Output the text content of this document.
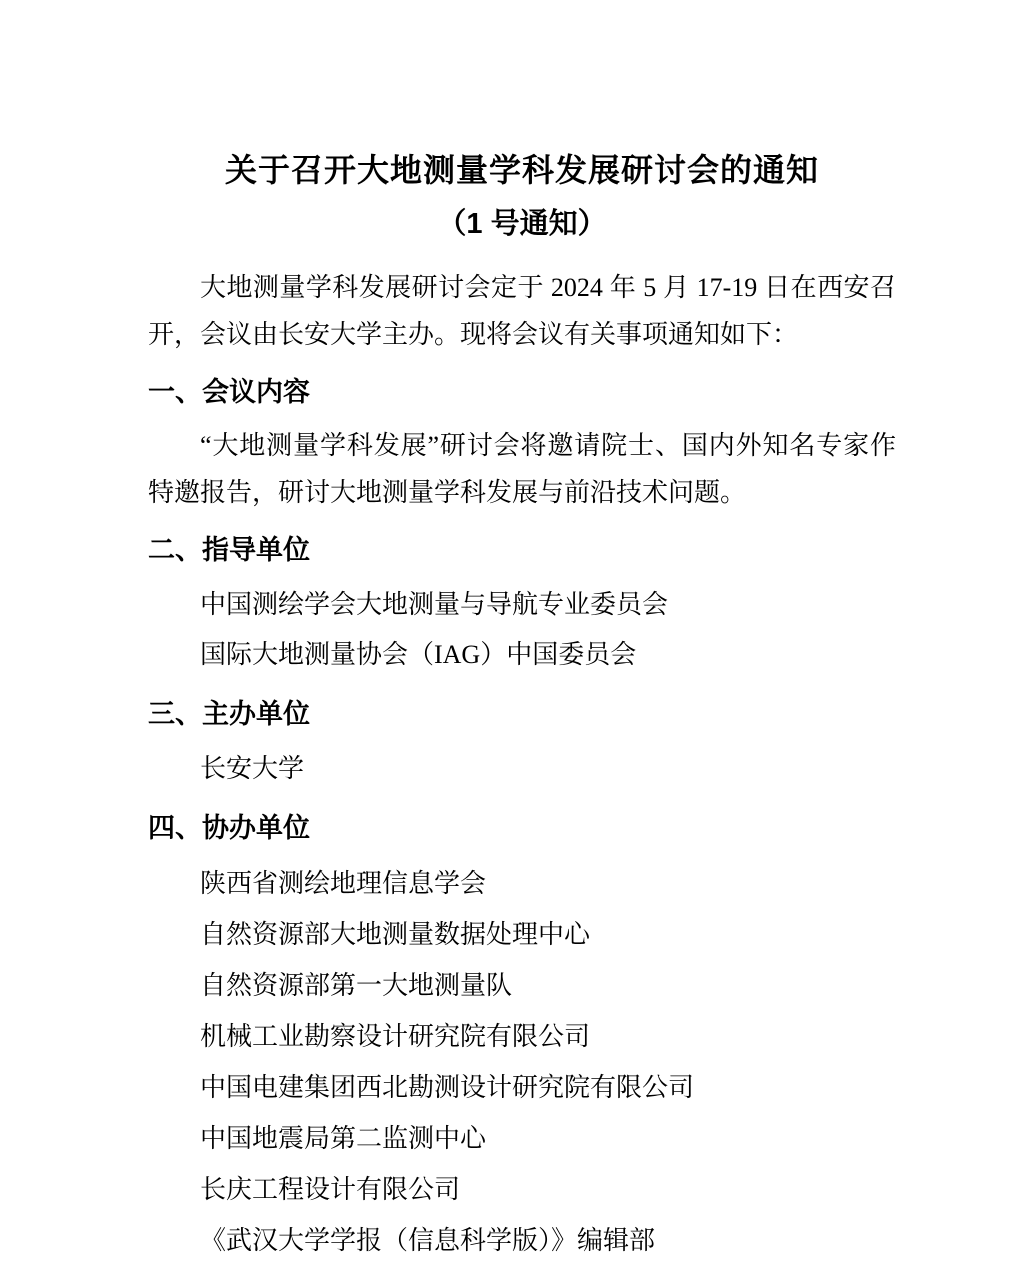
关于召开大地测量学科发展研讨会的通知
（1 号通知）

大地测量学科发展研讨会定于 2024 年 5 月 17-19 日在西安召开，会议由长安大学主办。现将会议有关事项通知如下：

一、会议内容

“大地测量学科发展”研讨会将邀请院士、国内外知名专家作特邀报告，研讨大地测量学科发展与前沿技术问题。

二、指导单位

中国测绘学会大地测量与导航专业委员会

国际大地测量协会（IAG）中国委员会

三、主办单位

长安大学

四、协办单位

陕西省测绘地理信息学会

自然资源部大地测量数据处理中心

自然资源部第一大地测量队

机械工业勘察设计研究院有限公司

中国电建集团西北勘测设计研究院有限公司

中国地震局第二监测中心

长庆工程设计有限公司

《武汉大学学报（信息科学版）》编辑部
